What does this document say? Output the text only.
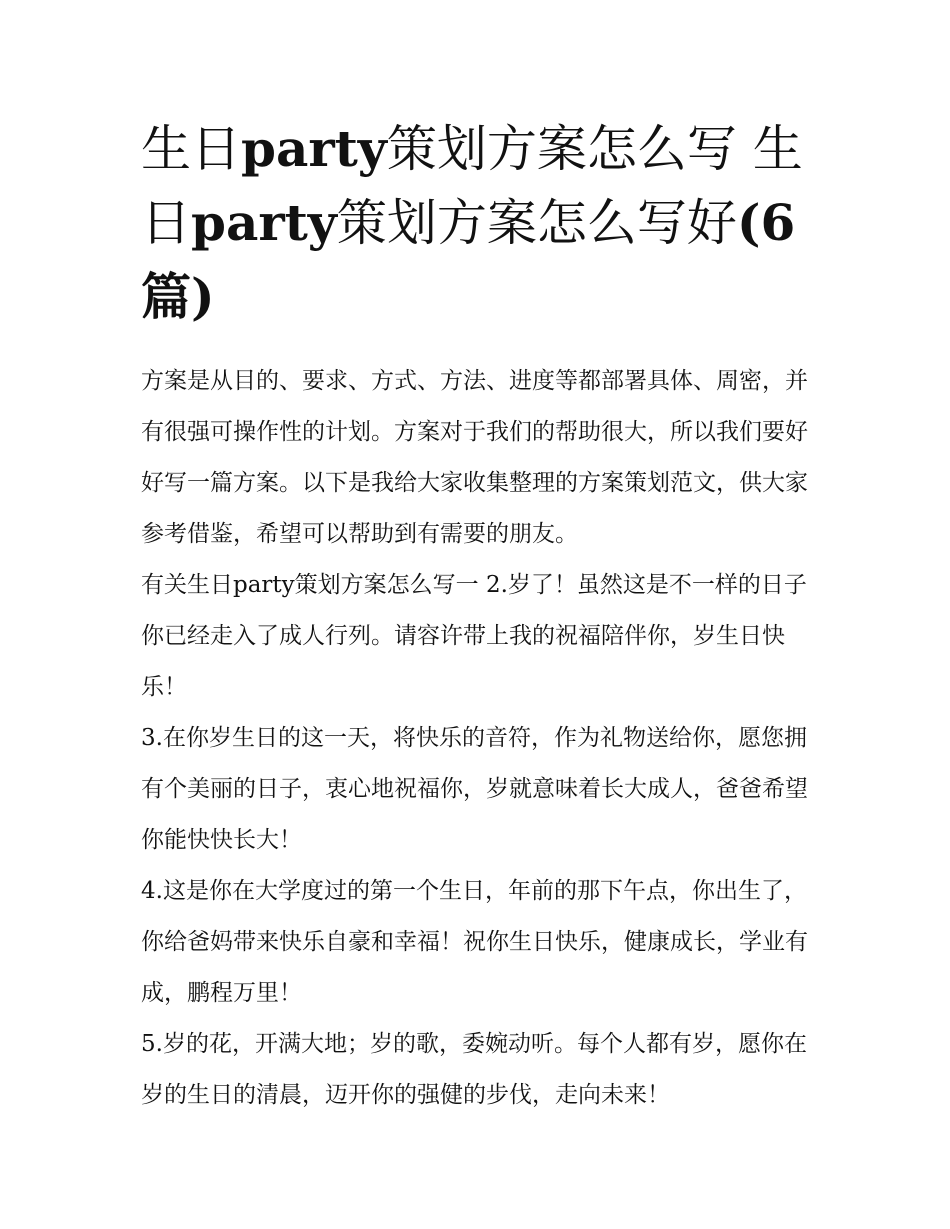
生日party策划方案怎么写 生日party策划方案怎么写好(6篇)

方案是从目的、要求、方式、方法、进度等都部署具体、周密，并有很强可操作性的计划。方案对于我们的帮助很大，所以我们要好好写一篇方案。以下是我给大家收集整理的方案策划范文，供大家参考借鉴，希望可以帮助到有需要的朋友。

有关生日party策划方案怎么写一 2.岁了！虽然这是不一样的日子你已经走入了成人行列。请容许带上我的祝福陪伴你，岁生日快乐！

3.在你岁生日的这一天，将快乐的音符，作为礼物送给你，愿您拥有个美丽的日子，衷心地祝福你，岁就意味着长大成人，爸爸希望你能快快长大！

4.这是你在大学度过的第一个生日，年前的那下午点，你出生了，你给爸妈带来快乐自豪和幸福！祝你生日快乐，健康成长，学业有成，鹏程万里！

5.岁的花，开满大地；岁的歌，委婉动听。每个人都有岁，愿你在岁的生日的清晨，迈开你的强健的步伐，走向未来！
